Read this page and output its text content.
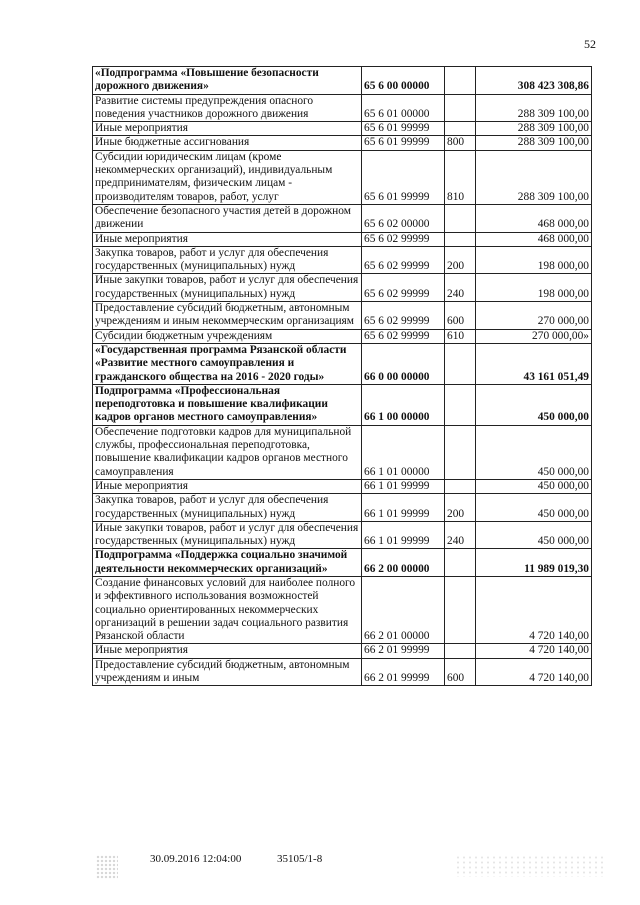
52
«Подпрограмма «Повышение безопасности дорожного движения»	65 6 00 00000		308 423 308,86
Развитие системы предупреждения опасного поведения участников дорожного движения	65 6 01 00000		288 309 100,00
Иные мероприятия	65 6 01 99999		288 309 100,00
Иные бюджетные ассигнования	65 6 01 99999	800	288 309 100,00
Субсидии юридическим лицам (кроме некоммерческих организаций), индивидуальным предпринимателям, физическим лицам - производителям товаров, работ, услуг	65 6 01 99999	810	288 309 100,00
Обеспечение безопасного участия детей в дорожном движении	65 6 02 00000		468 000,00
Иные мероприятия	65 6 02 99999		468 000,00
Закупка товаров, работ и услуг для обеспечения государственных (муниципальных) нужд	65 6 02 99999	200	198 000,00
Иные закупки товаров, работ и услуг для обеспечения государственных (муниципальных) нужд	65 6 02 99999	240	198 000,00
Предоставление субсидий бюджетным, автономным учреждениям и иным некоммерческим организациям	65 6 02 99999	600	270 000,00
Субсидии бюджетным учреждениям	65 6 02 99999	610	270 000,00»
«Государственная программа Рязанской области «Развитие местного самоуправления и гражданского общества на 2016 - 2020 годы»	66 0 00 00000		43 161 051,49
Подпрограмма «Профессиональная переподготовка и повышение квалификации кадров органов местного самоуправления»	66 1 00 00000		450 000,00
Обеспечение подготовки кадров для муниципальной службы, профессиональная переподготовка, повышение квалификации кадров органов местного самоуправления	66 1 01 00000		450 000,00
Иные мероприятия	66 1 01 99999		450 000,00
Закупка товаров, работ и услуг для обеспечения государственных (муниципальных) нужд	66 1 01 99999	200	450 000,00
Иные закупки товаров, работ и услуг для обеспечения государственных (муниципальных) нужд	66 1 01 99999	240	450 000,00
Подпрограмма «Поддержка социально значимой деятельности некоммерческих организаций»	66 2 00 00000		11 989 019,30
Создание финансовых условий для наиболее полного и эффективного использования возможностей социально ориентированных некоммерческих организаций в решении задач социального развития Рязанской области	66 2 01 00000		4 720 140,00
Иные мероприятия	66 2 01 99999		4 720 140,00
Предоставление субсидий бюджетным, автономным учреждениям и иным	66 2 01 99999	600	4 720 140,00
30.09.2016 12:04:00	35105/1-8
